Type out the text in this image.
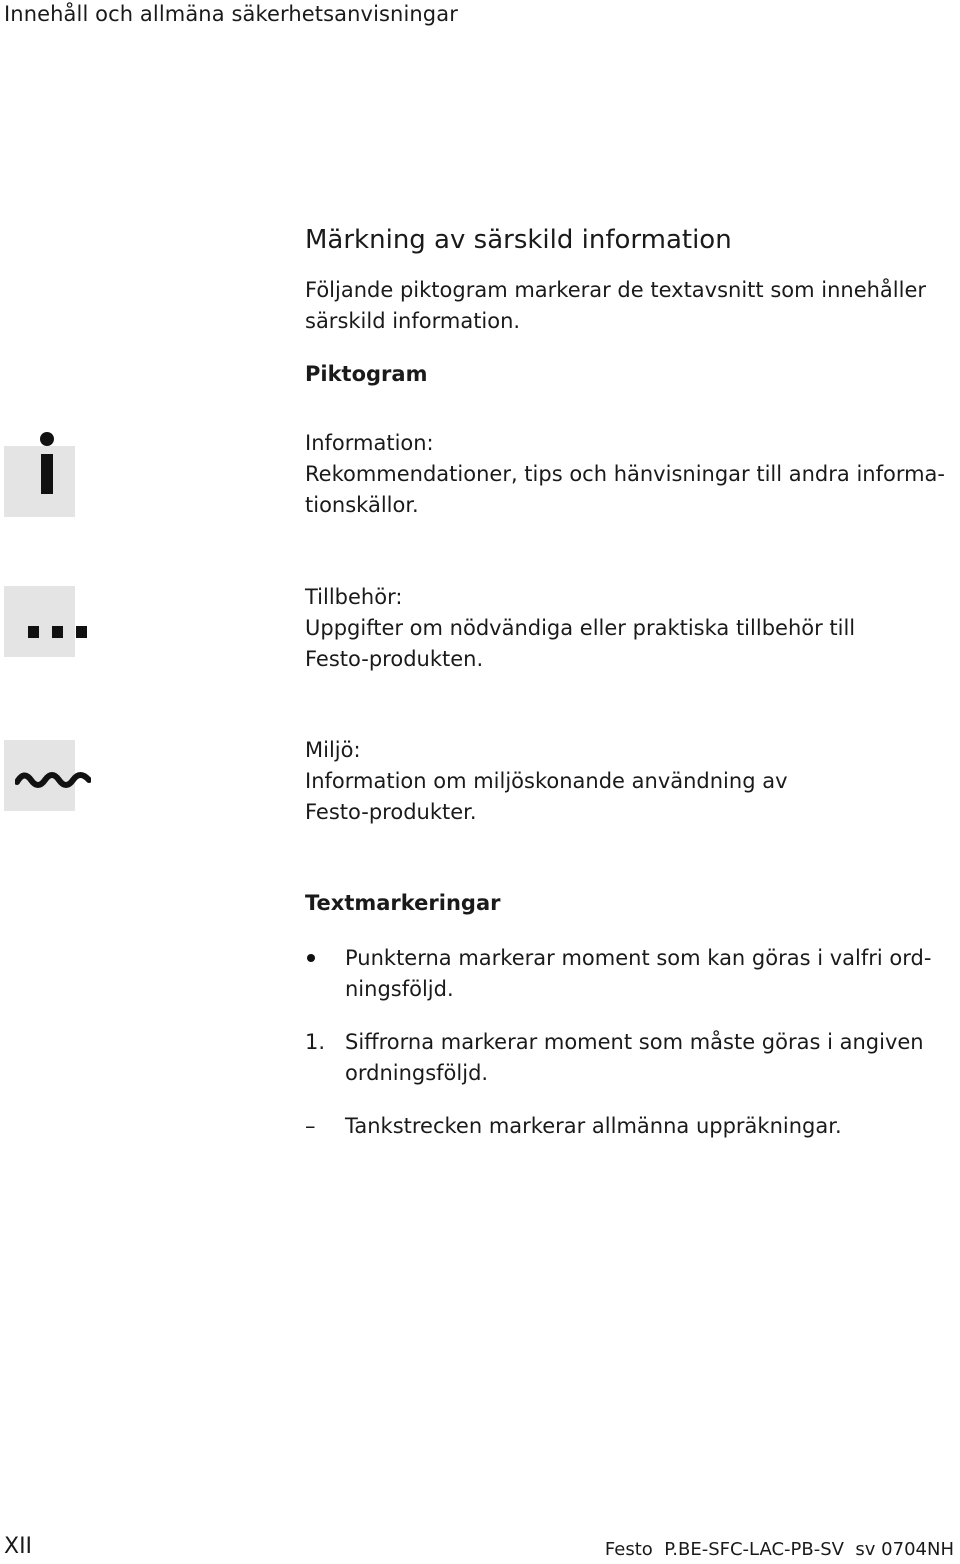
Innehåll och allmäna säkerhetsanvisningar
Märkning av särskild information
Följande piktogram markerar de textavsnitt som innehåller
särskild information.
Piktogram
Information:
Rekommendationer, tips och hänvisningar till andra informa-
tionskällor.
Tillbehör:
Uppgifter om nödvändiga eller praktiska tillbehör till
Festo-produkten.
Miljö:
Information om miljöskonande användning av
Festo-produkter.
Textmarkeringar
Punkterna markerar moment som kan göras i valfri ord-
ningsföljd.
1. Siffrorna markerar moment som måste göras i angiven
ordningsföljd.
–	Tankstrecken markerar allmänna uppräkningar.
XII	Festo  P.BE-SFC-LAC-PB-SV  sv 0704NH
